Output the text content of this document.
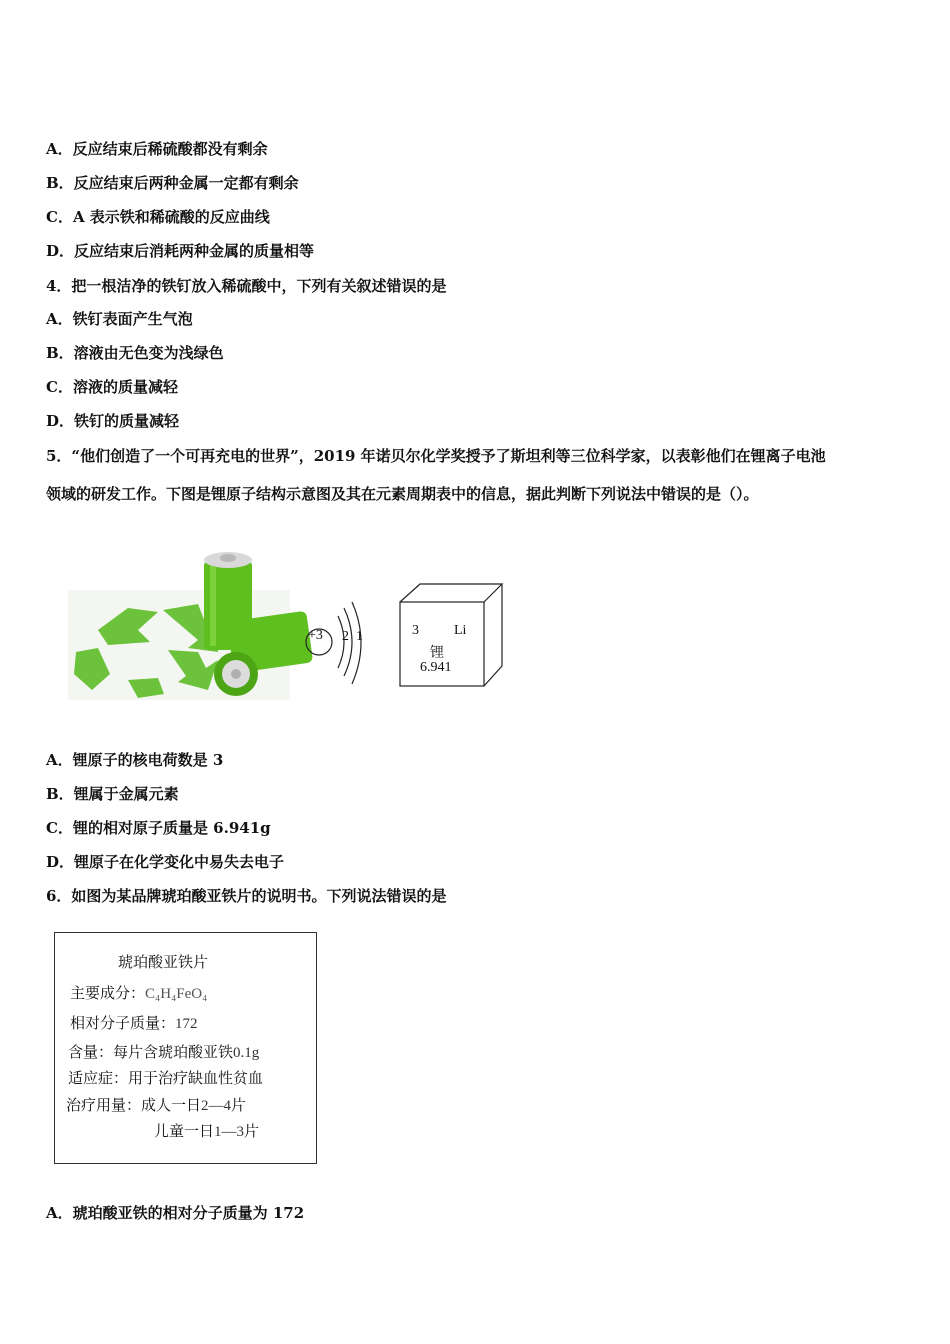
A．反应结束后稀硫酸都没有剩余
B．反应结束后两种金属一定都有剩余
C．A 表示铁和稀硫酸的反应曲线
D．反应结束后消耗两种金属的质量相等
4．把一根洁净的铁钉放入稀硫酸中，下列有关叙述错误的是
A．铁钉表面产生气泡
B．溶液由无色变为浅绿色
C．溶液的质量减轻
D．铁钉的质量减轻
5．“他们创造了一个可再充电的世界”，2019 年诺贝尔化学奖授予了斯坦利等三位科学家，以表彰他们在锂离子电池
领域的研发工作。下图是锂原子结构示意图及其在元素周期表中的信息，据此判断下列说法中错误的是（）。
+3 2 1	3	Li
锂
6.941
A．锂原子的核电荷数是 3
B．锂属于金属元素
C．锂的相对原子质量是 6.941g
D．锂原子在化学变化中易失去电子
6．如图为某品牌琥珀酸亚铁片的说明书。下列说法错误的是
琥珀酸亚铁片
主要成分：C₄H₄FeO₄
相对分子质量：172
含量：每片含琥珀酸亚铁0.1g
适应症：用于治疗缺血性贫血
治疗用量：成人一日2—4片
儿童一日1—3片
A．琥珀酸亚铁的相对分子质量为 172
